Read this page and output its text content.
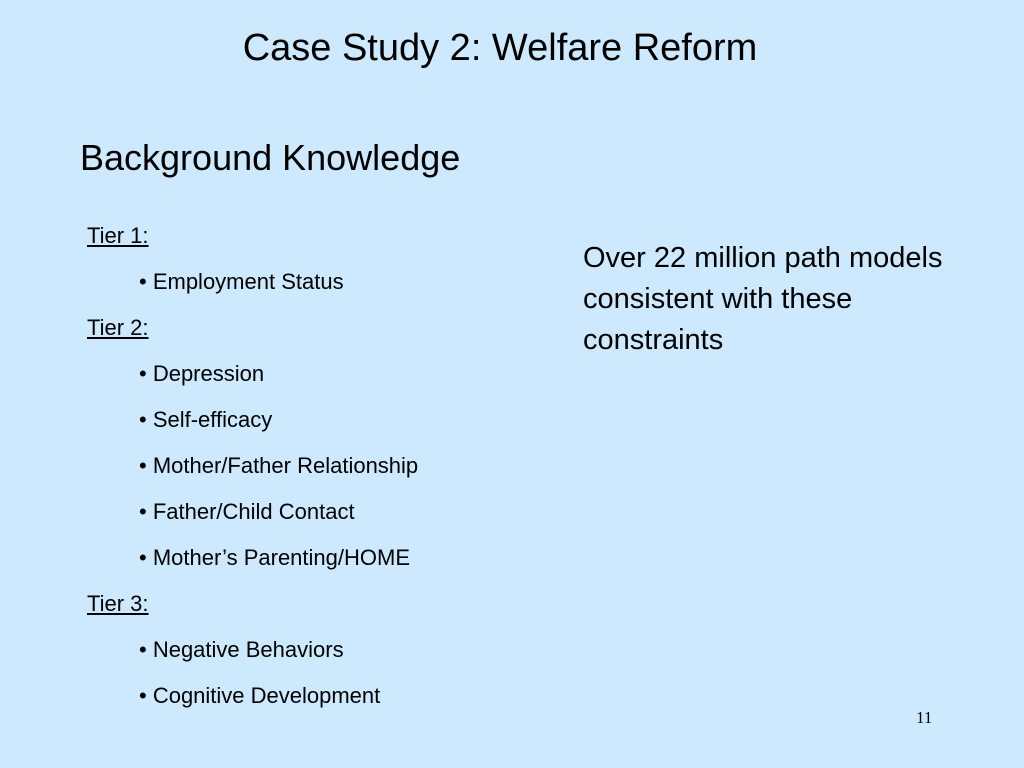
Case Study 2: Welfare Reform
Background Knowledge
Tier 1:
• Employment Status
Tier 2:
• Depression
• Self-efficacy
• Mother/Father Relationship
• Father/Child Contact
• Mother’s Parenting/HOME
Tier 3:
• Negative Behaviors
• Cognitive Development
Over 22 million path models consistent with these constraints
11
